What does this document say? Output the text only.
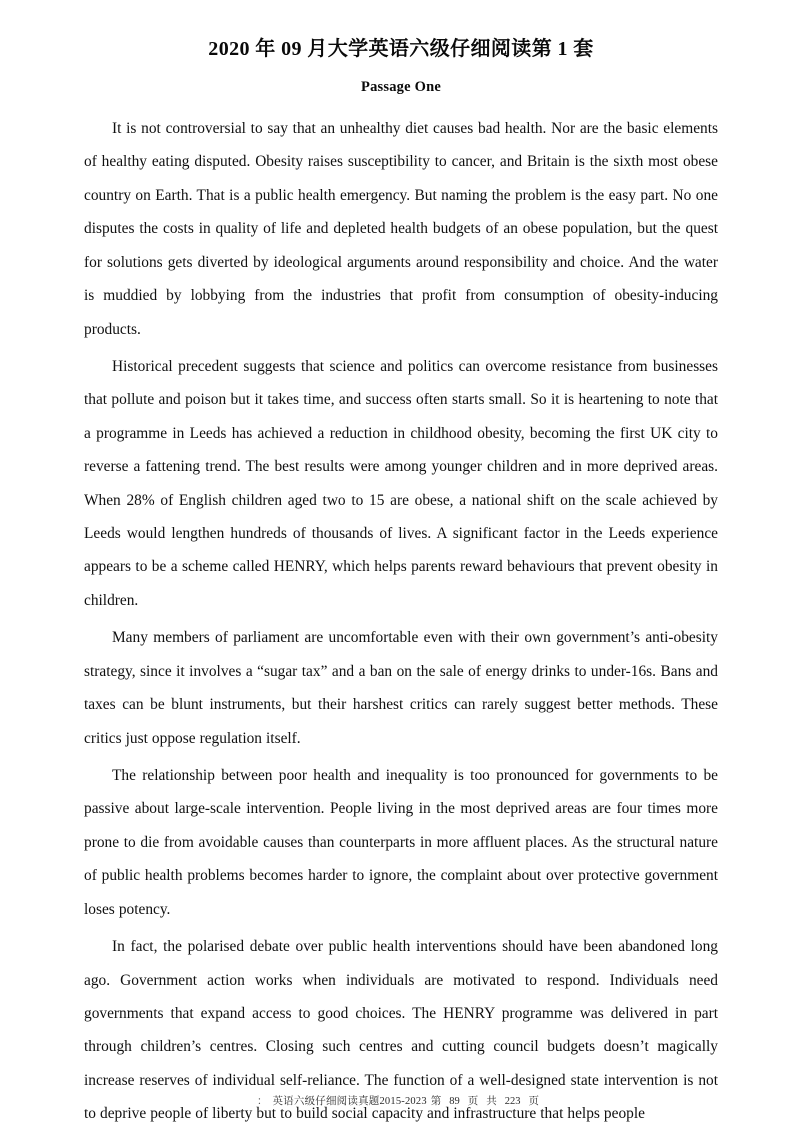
2020 年 09 月大学英语六级仔细阅读第 1 套
Passage One

It is not controversial to say that an unhealthy diet causes bad health. Nor are the basic elements of healthy eating disputed. Obesity raises susceptibility to cancer, and Britain is the sixth most obese country on Earth. That is a public health emergency. But naming the problem is the easy part. No one disputes the costs in quality of life and depleted health budgets of an obese population, but the quest for solutions gets diverted by ideological arguments around responsibility and choice. And the water is muddied by lobbying from the industries that profit from consumption of obesity-inducing products.

Historical precedent suggests that science and politics can overcome resistance from businesses that pollute and poison but it takes time, and success often starts small. So it is heartening to note that a programme in Leeds has achieved a reduction in childhood obesity, becoming the first UK city to reverse a fattening trend. The best results were among younger children and in more deprived areas. When 28% of English children aged two to 15 are obese, a national shift on the scale achieved by Leeds would lengthen hundreds of thousands of lives. A significant factor in the Leeds experience appears to be a scheme called HENRY, which helps parents reward behaviours that prevent obesity in children.

Many members of parliament are uncomfortable even with their own government’s anti-obesity strategy, since it involves a “sugar tax” and a ban on the sale of energy drinks to under-16s. Bans and taxes can be blunt instruments, but their harshest critics can rarely suggest better methods. These critics just oppose regulation itself.

The relationship between poor health and inequality is too pronounced for governments to be passive about large-scale intervention. People living in the most deprived areas are four times more prone to die from avoidable causes than counterparts in more affluent places. As the structural nature of public health problems becomes harder to ignore, the complaint about over protective government loses potency.

In fact, the polarised debate over public health interventions should have been abandoned long ago. Government action works when individuals are motivated to respond. Individuals need governments that expand access to good choices. The HENRY programme was delivered in part through children’s centres. Closing such centres and cutting council budgets doesn’t magically increase reserves of individual self-reliance. The function of a well-designed state intervention is not to deprive people of liberty but to build social capacity and infrastructure that helps people

： 英语六级仔细阅读真题2015-2023 第 89 页 共 223 页
